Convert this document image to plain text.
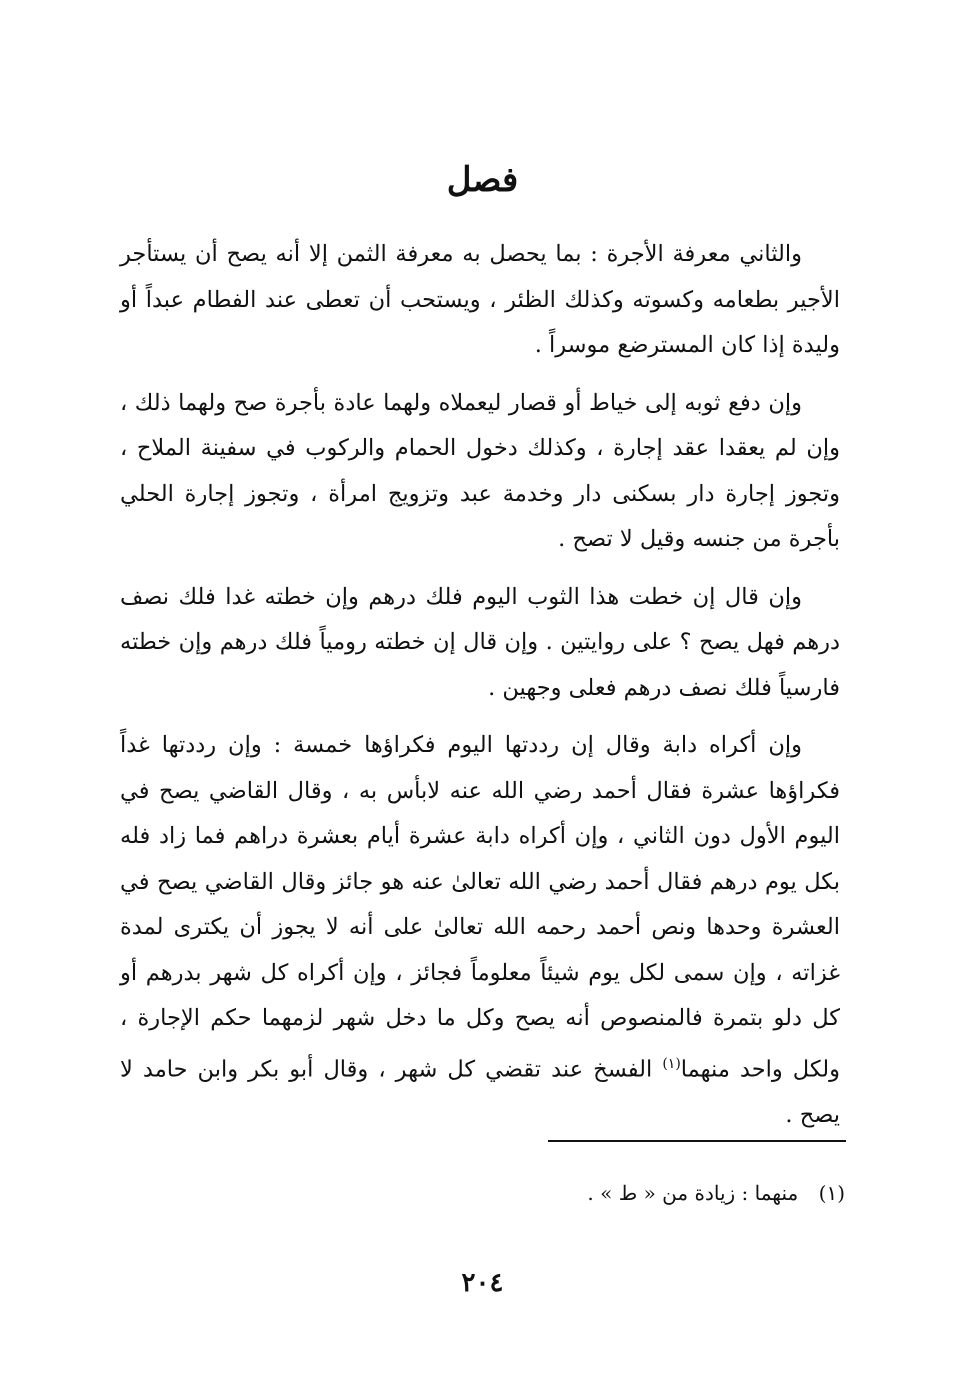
فصل

والثاني معرفة الأجرة : بما يحصل به معرفة الثمن إلا أنه يصح أن يستأجر الأجير بطعامه وكسوته وكذلك الظئر ، ويستحب أن تعطى عند الفطام عبداً أو وليدة إذا كان المسترضع موسراً .

وإن دفع ثوبه إلى خياط أو قصار ليعملاه ولهما عادة بأجرة صح ولهما ذلك ، وإن لم يعقدا عقد إجارة ، وكذلك دخول الحمام والركوب في سفينة الملاح ، وتجوز إجارة دار بسكنى دار وخدمة عبد وتزويج امرأة ، وتجوز إجارة الحلي بأجرة من جنسه وقيل لا تصح .

وإن قال إن خطت هذا الثوب اليوم فلك درهم وإن خطته غدا فلك نصف درهم فهل يصح ؟ على روايتين . وإن قال إن خطته رومياً فلك درهم وإن خطته فارسياً فلك نصف درهم فعلى وجهين .

وإن أكراه دابة وقال إن رددتها اليوم فكراؤها خمسة : وإن رددتها غداً فكراؤها عشرة فقال أحمد رضي الله عنه لابأس به ، وقال القاضي يصح في اليوم الأول دون الثاني ، وإن أكراه دابة عشرة أيام بعشرة دراهم فما زاد فله بكل يوم درهم فقال أحمد رضي الله تعالىٰ عنه هو جائز وقال القاضي يصح في العشرة وحدها ونص أحمد رحمه الله تعالىٰ على أنه لا يجوز أن يكترى لمدة غزاته ، وإن سمى لكل يوم شيئاً معلوماً فجائز ، وإن أكراه كل شهر بدرهم أو كل دلو بتمرة فالمنصوص أنه يصح وكل ما دخل شهر لزمهما حكم الإجارة ، ولكل واحد منهما$^{(١)}$ الفسخ عند تقضي كل شهر ، وقال أبو بكر وابن حامد لا يصح .

(١) منهما : زيادة من « ط » .
٢٠٤
